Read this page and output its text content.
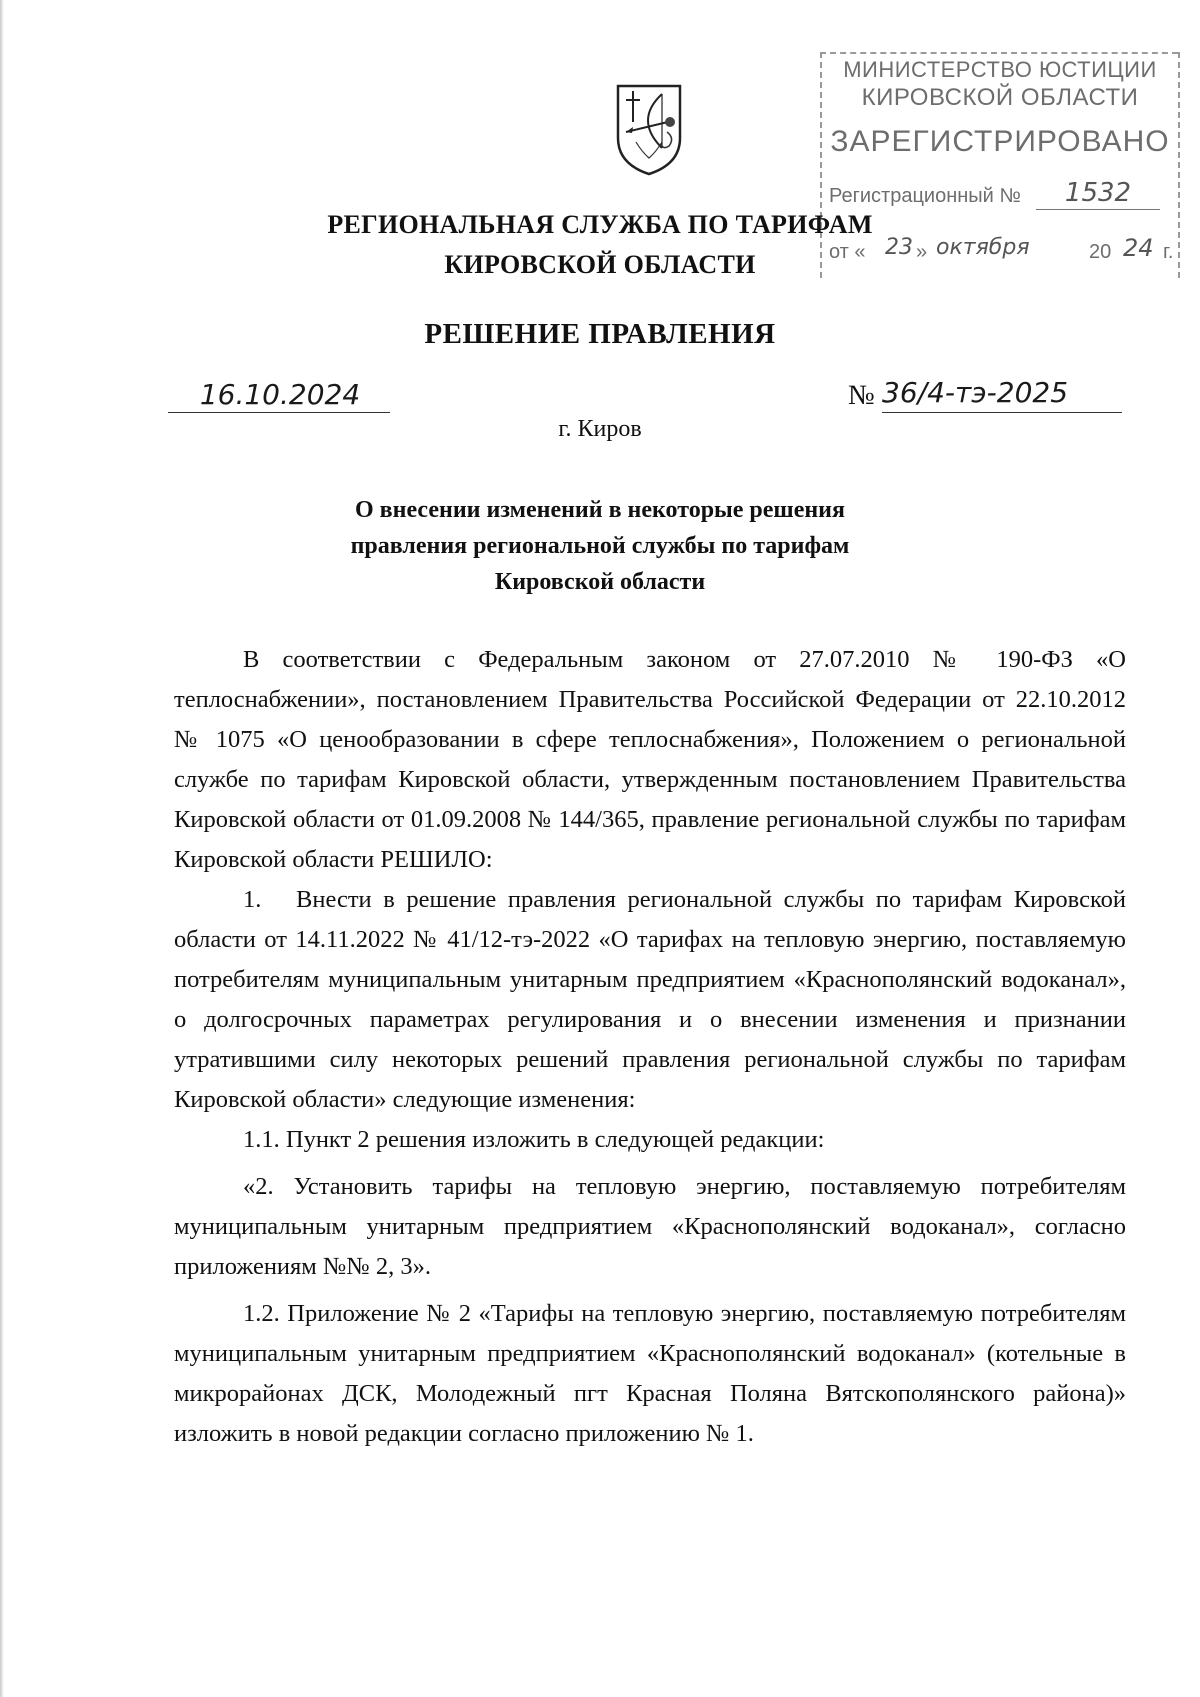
МИНИСТЕРСТВО ЮСТИЦИИ
КИРОВСКОЙ ОБЛАСТИ
ЗАРЕГИСТРИРОВАНО
Регистрационный №	1532
от « 23 » октября	20 24 г.
РЕГИОНАЛЬНАЯ СЛУЖБА ПО ТАРИФАМ
КИРОВСКОЙ ОБЛАСТИ
РЕШЕНИЕ ПРАВЛЕНИЯ
16.10.2024	№ 36/4-тэ-2025
г. Киров
О внесении изменений в некоторые решения
правления региональной службы по тарифам
Кировской области

В соответствии с Федеральным законом от 27.07.2010 № 190-ФЗ «О теплоснабжении», постановлением Правительства Российской Федерации от 22.10.2012 № 1075 «О ценообразовании в сфере теплоснабжения», Положением о региональной службе по тарифам Кировской области, утвержденным постановлением Правительства Кировской области от 01.09.2008 № 144/365, правление региональной службы по тарифам Кировской области РЕШИЛО:

1.   Внести в решение правления региональной службы по тарифам Кировской области от 14.11.2022 № 41/12-тэ-2022 «О тарифах на тепловую энергию, поставляемую потребителям муниципальным унитарным предприятием «Краснополянский водоканал», о долгосрочных параметрах регулирования и о внесении изменения и признании утратившими силу некоторых решений правления региональной службы по тарифам Кировской области» следующие изменения:

1.1. Пункт 2 решения изложить в следующей редакции:

«2. Установить тарифы на тепловую энергию, поставляемую потребителям муниципальным унитарным предприятием «Краснополянский водоканал», согласно приложениям №№ 2, 3».

1.2. Приложение № 2 «Тарифы на тепловую энергию, поставляемую потребителям муниципальным унитарным предприятием «Краснополянский водоканал» (котельные в микрорайонах ДСК, Молодежный пгт Красная Поляна Вятскополянского района)» изложить в новой редакции согласно приложению № 1.
